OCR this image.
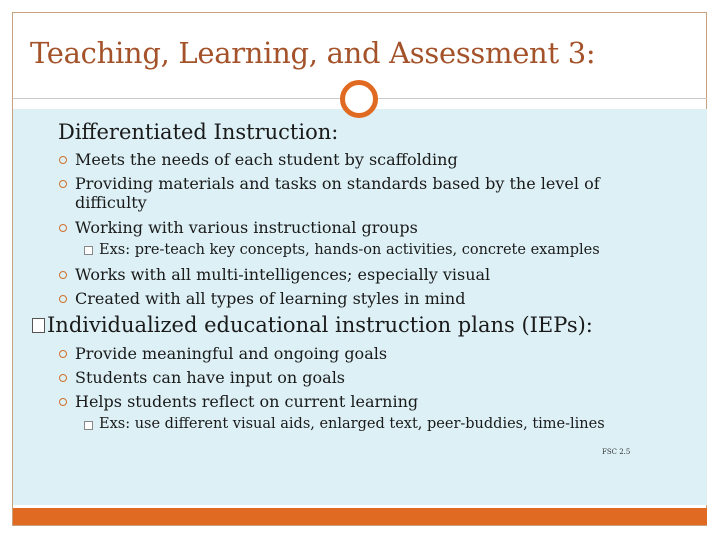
Teaching, Learning, and Assessment 3:
Differentiated Instruction:
Meets the needs of each student by scaffolding
Providing materials and tasks on standards based by the level of
difficulty
Working with various instructional groups
Exs: pre-teach key concepts, hands-on activities, concrete examples
Works with all multi-intelligences; especially visual
Created with all types of learning styles in mind
Individualized educational instruction plans (IEPs):
Provide meaningful and ongoing goals
Students can have input on goals
Helps students reflect on current learning
Exs: use different visual aids, enlarged text, peer-buddies, time-lines
FSC 2.5
